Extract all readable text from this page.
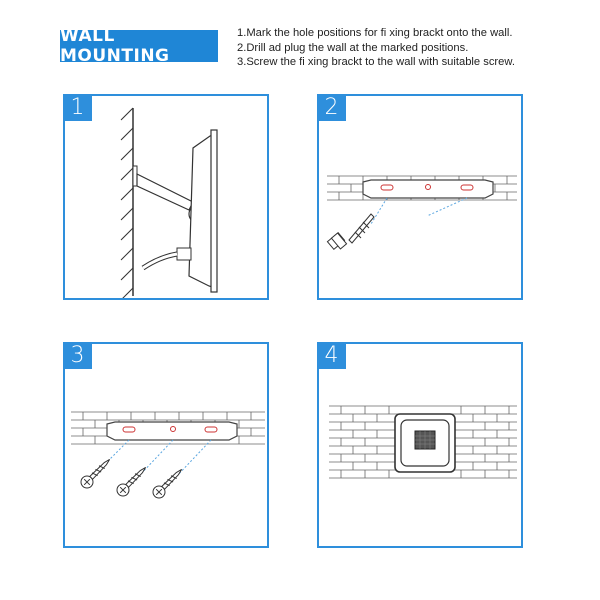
WALL MOUNTING
1.Mark the hole positions for fi xing brackt onto the wall.
2.Drill ad plug the wall at the marked positions.
3.Screw the fi xing brackt to the wall with suitable screw.
1	2
3	4
